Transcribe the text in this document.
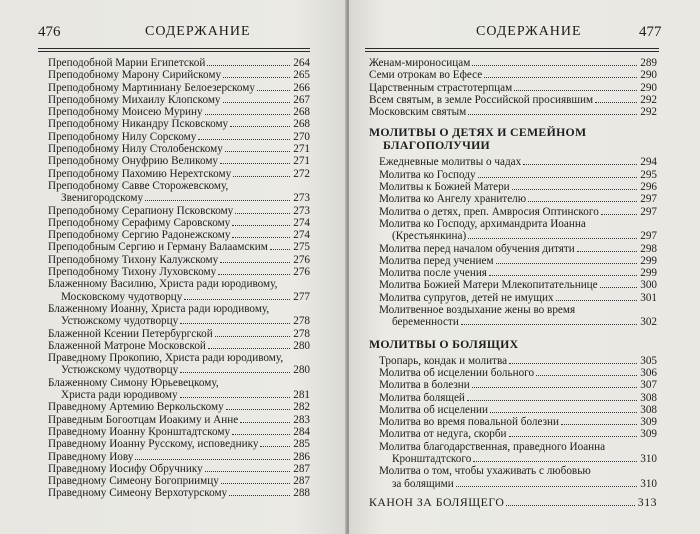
476	СОДЕРЖАНИЕ
Преподобной Марии Египетской	264
Преподобному Марону Сирийскому	265
Преподобному Мартиниану Белоезерскому	266
Преподобному Михаилу Клопскому	267
Преподобному Моисею Мурину	268
Преподобному Никандру Псковскому	268
Преподобному Нилу Сорскому	270
Преподобному Нилу Столобенскому	271
Преподобному Онуфрию Великому	271
Преподобному Пахомию Нерехтскому	272
Преподобному Савве Сторожевскому,
Звенигородскому	273
Преподобному Серапиону Псковскому	273
Преподобному Серафиму Саровскому	274
Преподобному Сергию Радонежскому	274
Преподобным Сергию и Герману Валаамским 275
Преподобному Тихону Калужскому	276
Преподобному Тихону Луховскому	276
Блаженному Василию, Христа ради юродивому,
Московскому чудотворцу	277
Блаженному Иоанну, Христа ради юродивому,
Устюжскому чудотворцу	278
Блаженной Ксении Петербургской	278
Блаженной Матроне Московской	280
Праведному Прокопию, Христа ради юродивому,
Устюжскому чудотворцу	280
Блаженному Симону Юрьевецкому,
Христа ради юродивому	281
Праведному Артемию Веркольскому	282
Праведным Богоотцам Иоакиму и Анне	283
Праведному Иоанну Кронштадтскому	284
Праведному Иоанну Русскому, исповеднику	285
Праведному Иову	286
Праведному Иосифу Обручнику	287
Праведному Симеону Богоприимцу	287
Праведному Симеону Верхотурскому	288
СОДЕРЖАНИЕ	477
Женам-мироносицам	289
Семи отрокам во Ефесе	290
Царственным страстотерпцам	290
Всем святым, в земле Российской просиявшим	292
Московским святым	292
МОЛИТВЫ О ДЕТЯХ И СЕМЕЙНОМ
БЛАГОПОЛУЧИИ
Ежедневные молитвы о чадах	294
Молитва ко Господу	295
Молитвы к Божией Матери	296
Молитва ко Ангелу хранителю	297
Молитва о детях, преп. Амвросия Оптинского	297
Молитва ко Господу, архимандрита Иоанна
(Крестьянкина)	297
Молитва перед началом обучения дитяти	298
Молитва перед учением	299
Молитва после учения	299
Молитва Божией Матери Млекопитательнице	300
Молитва супругов, детей не имущих	301
Молитвенное воздыхание жены во время
беременности	302
МОЛИТВЫ О БОЛЯЩИХ
Тропарь, кондак и молитва	305
Молитва об исцелении больного	306
Молитва в болезни	307
Молитва болящей	308
Молитва об исцелении	308
Молитва во время повальной болезни	309
Молитва от недуга, скорби	309
Молитва благодарственная, праведного Иоанна
Кронштадтского	310
Молитва о том, чтобы ухаживать с любовью
за болящими	310
КАНОН ЗА БОЛЯЩЕГО	313
